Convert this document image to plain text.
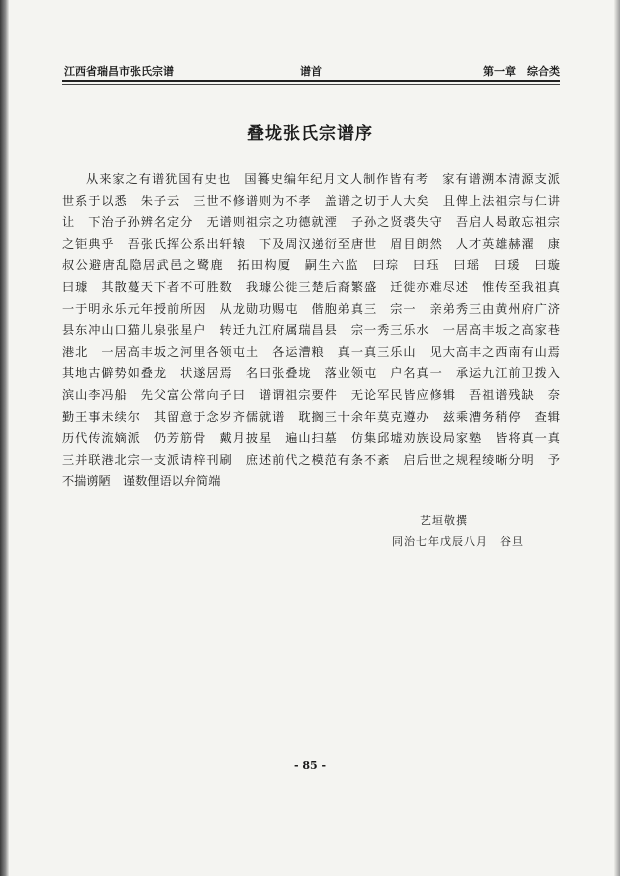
江西省瑞昌市张氏宗谱	谱首	第一章　综合类
叠垅张氏宗谱序
从来家之有谱犹国有史也　国籑史编年纪月文人制作皆有考　家有谱溯本清源支派
世系于以悉　朱子云　三世不修谱则为不孝　盖谱之切于人大矣　且俾上法祖宗与仁讲
让　下治子孙辨名定分　无谱则祖宗之功德就湮　子孙之贤裘失守　吾启人曷敢忘祖宗
之钜典乎　吾张氏挥公系出轩辕　下及周汉递衍至唐世　眉目朗然　人才英雄赫濯　康
叔公避唐乱隐居武邑之鹭鹿　拓田构厦　嗣生六监　曰琮　曰珏　曰瑶　曰瑗　曰璇
曰璩　其散蔓天下者不可胜数　我璩公徙三楚后裔繁盛　迁徙亦难尽述　惟传至我祖真
一于明永乐元年授前所因　从龙勋功赐屯　偕胞弟真三　宗一　亲弟秀三由黄州府广济
县东冲山口猫儿泉张星户　转迁九江府属瑞昌县　宗一秀三乐水　一居高丰坂之高家巷
港北　一居高丰坂之河里各领屯土　各运漕粮　真一真三乐山　见大高丰之西南有山焉
其地古僻势如叠龙　状遂居焉　名曰张叠垅　落业领屯　户名真一　承运九江前卫拨入
滨山李冯船　先父富公常向子曰　谱谓祖宗要件　无论军民皆应修辑　吾祖谱残缺　奈
勤王事未续尔　其留意于念岁齐儒就谱　耽搁三十余年莫克遵办　兹乘漕务稍停　查辑
历代传流嫡派　仍芳筋骨　戴月披星　遍山扫墓　仿集邱墟劝族设局家塾　皆将真一真
三并联港北宗一支派请梓刊刷　庶述前代之模范有条不紊　启后世之规程绫晰分明　予
不揣谫陋　谨数俚语以弁简端
艺垣敬撰
同治七年戊辰八月　谷旦
- 85 -
